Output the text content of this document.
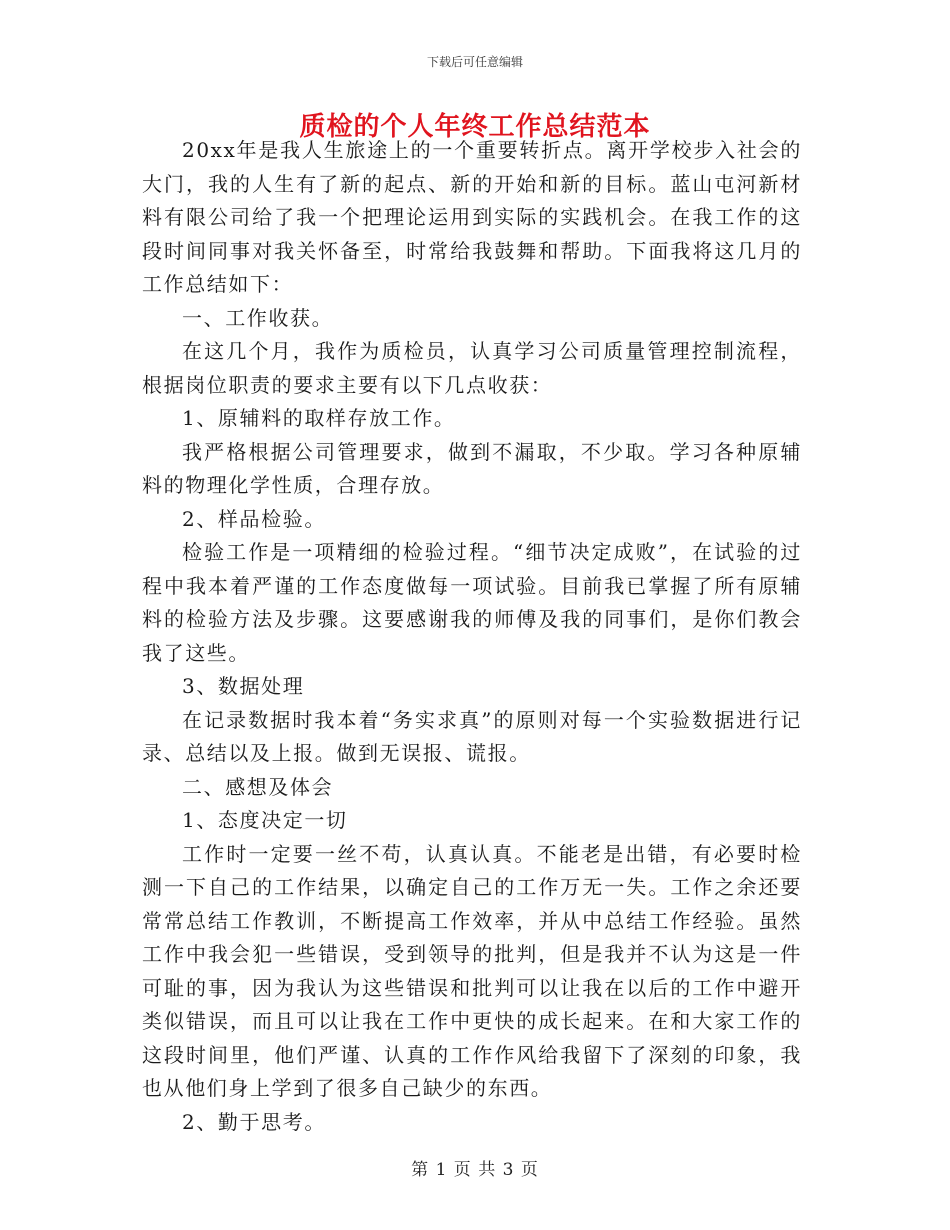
下载后可任意编辑
质检的个人年终工作总结范本

20xx年是我人生旅途上的一个重要转折点。离开学校步入社会的大门，我的人生有了新的起点、新的开始和新的目标。蓝山屯河新材料有限公司给了我一个把理论运用到实际的实践机会。在我工作的这段时间同事对我关怀备至，时常给我鼓舞和帮助。下面我将这几月的工作总结如下：

一、工作收获。

在这几个月，我作为质检员，认真学习公司质量管理控制流程，根据岗位职责的要求主要有以下几点收获：

1、原辅料的取样存放工作。

我严格根据公司管理要求，做到不漏取，不少取。学习各种原辅料的物理化学性质，合理存放。

2、样品检验。

检验工作是一项精细的检验过程。“细节决定成败”，在试验的过程中我本着严谨的工作态度做每一项试验。目前我已掌握了所有原辅料的检验方法及步骤。这要感谢我的师傅及我的同事们，是你们教会我了这些。

3、数据处理

在记录数据时我本着“务实求真”的原则对每一个实验数据进行记录、总结以及上报。做到无误报、谎报。

二、感想及体会

1、态度决定一切

工作时一定要一丝不苟，认真认真。不能老是出错，有必要时检测一下自己的工作结果，以确定自己的工作万无一失。工作之余还要常常总结工作教训，不断提高工作效率，并从中总结工作经验。虽然工作中我会犯一些错误，受到领导的批判，但是我并不认为这是一件可耻的事，因为我认为这些错误和批判可以让我在以后的工作中避开类似错误，而且可以让我在工作中更快的成长起来。在和大家工作的这段时间里，他们严谨、认真的工作作风给我留下了深刻的印象，我也从他们身上学到了很多自己缺少的东西。

2、勤于思考。

第 1 页 共 3 页
